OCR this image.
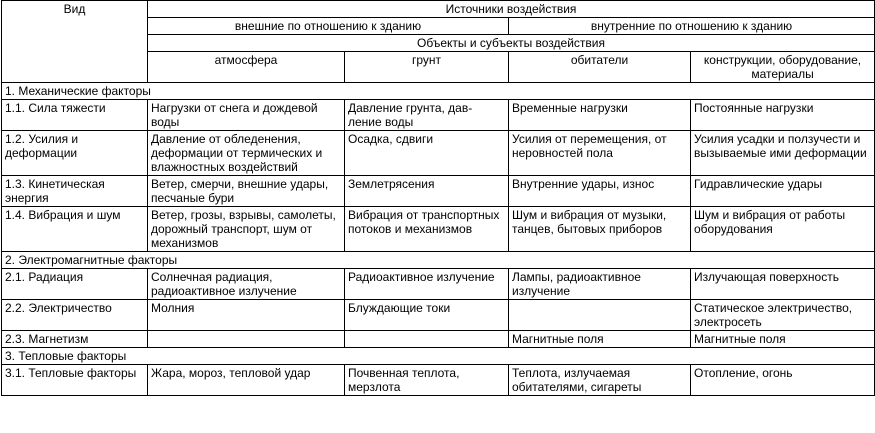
Вид	Источники воздействия			
	внешние по отношению к зданию		внутренние по отношению к зданию	
	Объекты и субъекты воздействия			
	атмосфера	грунт	обитатели	конструкции, оборудование, материалы
1. Механические факторы				
1.1. Сила тяжести	Нагрузки от снега и дождевой воды	Давление грунта, дав-ление воды	Временные нагрузки	Постоянные нагрузки
1.2. Усилия и деформации	Давление от обледенения, деформации от термических и влажностных воздействий	Осадка, сдвиги	Усилия от перемещения, от неровностей пола	Усилия усадки и ползучести и вызываемые ими деформации
1.3. Кинетическая энергия	Ветер, смерчи, внешние удары, песчаные бури	Землетрясения	Внутренние удары, износ	Гидравлические удары
1.4. Вибрация и шум	Ветер, грозы, взрывы, самолеты, дорожный транспорт, шум от механизмов	Вибрация от транспортных потоков и механизмов	Шум и вибрация от музыки, танцев, бытовых приборов	Шум и вибрация от работы оборудования
2. Электромагнитные факторы				
2.1. Радиация	Солнечная радиация, радиоактивное излучение	Радиоактивное излучение	Лампы, радиоактивное излучение	Излучающая поверхность
2.2. Электричество	Молния	Блуждающие токи		Статическое электричество, электросеть
2.3. Магнетизм			Магнитные поля	Магнитные поля
3. Тепловые факторы				
3.1. Тепловые факторы	Жара, мороз, тепловой удар	Почвенная теплота, мерзлота	Теплота, излучаемая обитателями, сигареты	Отопление, огонь
